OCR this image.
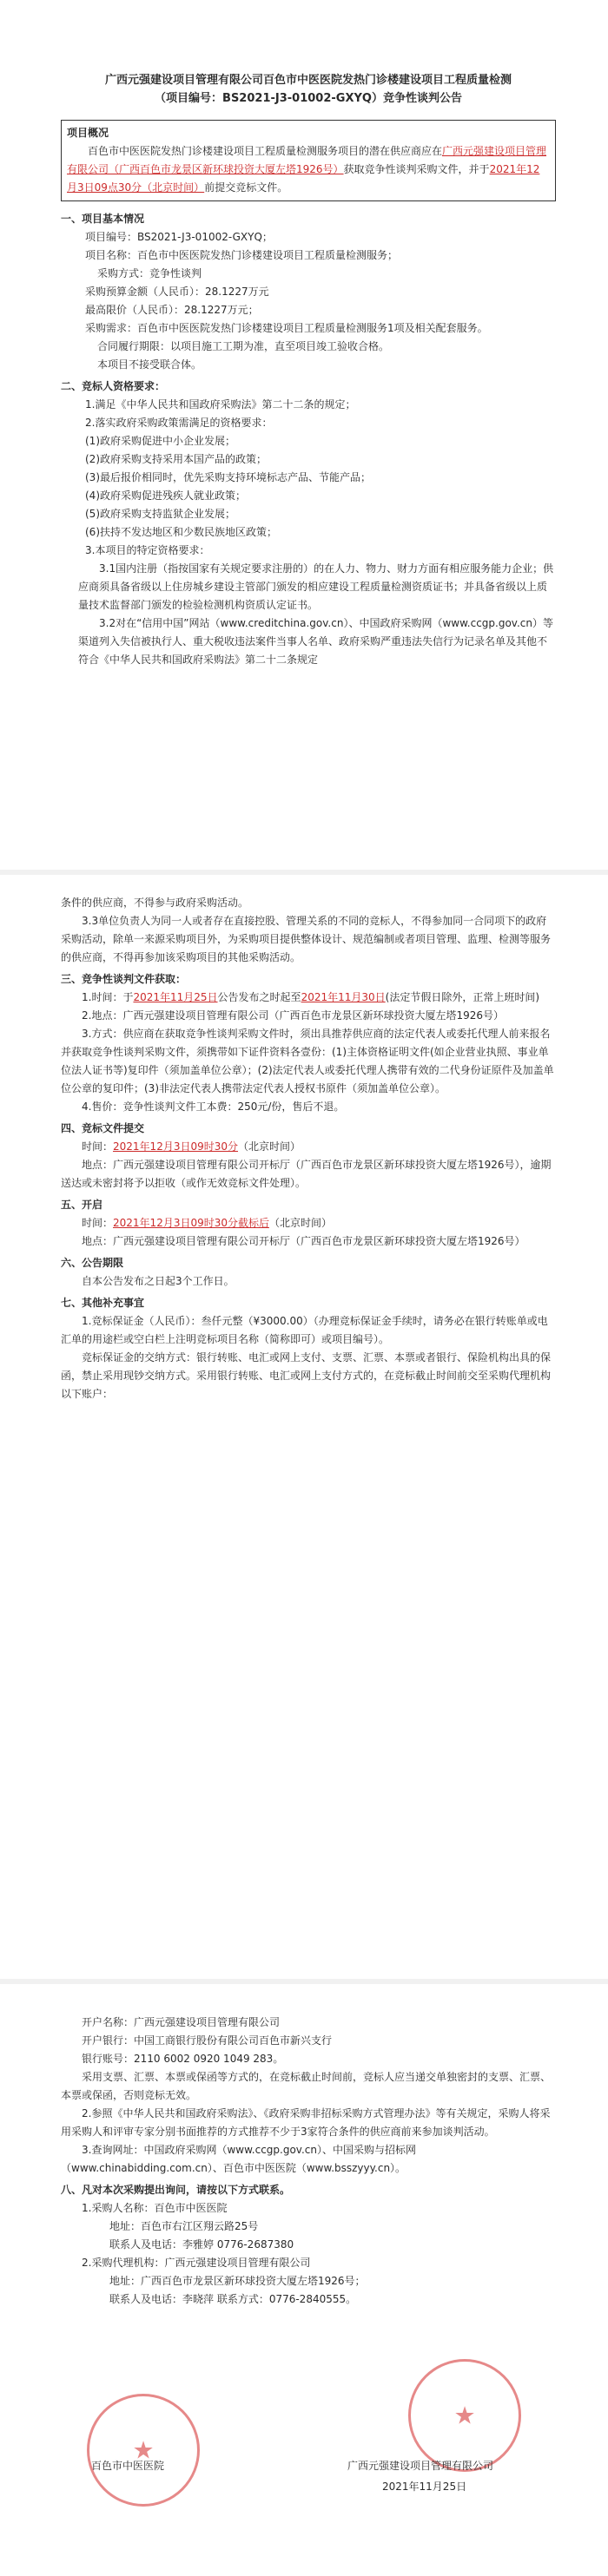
广西元强建设项目管理有限公司百色市中医医院发热门诊楼建设项目工程质量检测

（项目编号：BS2021-J3-01002-GXYQ）竞争性谈判公告

项目概况

百色市中医医院发热门诊楼建设项目工程质量检测服务项目的潜在供应商应在广西元强建设项目管理有限公司（广西百色市龙景区新环球投资大厦左塔1926号）获取竞争性谈判采购文件，并于2021年12月3日09点30分（北京时间）前提交竞标文件。

一、项目基本情况

项目编号：BS2021-J3-01002-GXYQ；

项目名称：百色市中医医院发热门诊楼建设项目工程质量检测服务；

采购方式：竞争性谈判

采购预算金额（人民币）：28.1227万元

最高限价（人民币）：28.1227万元；

采购需求：百色市中医医院发热门诊楼建设项目工程质量检测服务1项及相关配套服务。

合同履行期限：以项目施工工期为准，直至项目竣工验收合格。

本项目不接受联合体。

二、竞标人资格要求：

1.满足《中华人民共和国政府采购法》第二十二条的规定；

2.落实政府采购政策需满足的资格要求：

(1)政府采购促进中小企业发展；

(2)政府采购支持采用本国产品的政策；

(3)最后报价相同时，优先采购支持环境标志产品、节能产品；

(4)政府采购促进残疾人就业政策；

(5)政府采购支持监狱企业发展；

(6)扶持不发达地区和少数民族地区政策；

3.本项目的特定资格要求：

3.1国内注册（指按国家有关规定要求注册的）的在人力、物力、财力方面有相应服务能力企业；供应商须具备省级以上住房城乡建设主管部门颁发的相应建设工程质量检测资质证书；并具备省级以上质量技术监督部门颁发的检验检测机构资质认定证书。

3.2对在“信用中国”网站（www.creditchina.gov.cn）、中国政府采购网（www.ccgp.gov.cn）等渠道列入失信被执行人、重大税收违法案件当事人名单、政府采购严重违法失信行为记录名单及其他不符合《中华人民共和国政府采购法》第二十二条规定

条件的供应商，不得参与政府采购活动。

3.3单位负责人为同一人或者存在直接控股、管理关系的不同的竞标人，不得参加同一合同项下的政府采购活动，除单一来源采购项目外，为采购项目提供整体设计、规范编制或者项目管理、监理、检测等服务的供应商，不得再参加该采购项目的其他采购活动。

三、竞争性谈判文件获取：

1.时间：于2021年11月25日公告发布之时起至2021年11月30日(法定节假日除外，正常上班时间)

2.地点：广西元强建设项目管理有限公司（广西百色市龙景区新环球投资大厦左塔1926号）

3.方式：供应商在获取竞争性谈判采购文件时，须出具推荐供应商的法定代表人或委托代理人前来报名并获取竞争性谈判采购文件，须携带如下证件资料各壹份：(1)主体资格证明文件(如企业营业执照、事业单位法人证书等)复印件（须加盖单位公章）；(2)法定代表人或委托代理人携带有效的二代身份证原件及加盖单位公章的复印件；(3)非法定代表人携带法定代表人授权书原件（须加盖单位公章）。

4.售价：竞争性谈判文件工本费：250元/份，售后不退。

四、竞标文件提交

时间：2021年12月3日09时30分（北京时间）

地点：广西元强建设项目管理有限公司开标厅（广西百色市龙景区新环球投资大厦左塔1926号），逾期送达或未密封将予以拒收（或作无效竞标文件处理）。

五、开启

时间：2021年12月3日09时30分截标后（北京时间）

地点：广西元强建设项目管理有限公司开标厅（广西百色市龙景区新环球投资大厦左塔1926号）

六、公告期限

自本公告发布之日起3个工作日。

七、其他补充事宜

1.竞标保证金（人民币）：叁仟元整（¥3000.00）（办理竞标保证金手续时，请务必在银行转账单或电汇单的用途栏或空白栏上注明竞标项目名称（简称即可）或项目编号）。

竞标保证金的交纳方式：银行转账、电汇或网上支付、支票、汇票、本票或者银行、保险机构出具的保函，禁止采用现钞交纳方式。采用银行转账、电汇或网上支付方式的，在竞标截止时间前交至采购代理机构以下账户：

开户名称：广西元强建设项目管理有限公司

开户银行：中国工商银行股份有限公司百色市新兴支行

银行账号：2110 6002 0920 1049 283。

采用支票、汇票、本票或保函等方式的，在竞标截止时间前，竞标人应当递交单独密封的支票、汇票、本票或保函，否则竞标无效。

2.参照《中华人民共和国政府采购法》、《政府采购非招标采购方式管理办法》等有关规定，采购人将采用采购人和评审专家分别书面推荐的方式推荐不少于3家符合条件的供应商前来参加谈判活动。

3.查询网址：中国政府采购网（www.ccgp.gov.cn）、中国采购与招标网（www.chinabidding.com.cn）、百色市中医医院（www.bsszyyy.cn）。

八、凡对本次采购提出询问，请按以下方式联系。

1.采购人名称：百色市中医医院

地址：百色市右江区翔云路25号

联系人及电话：李雅婷 0776-2687380

2.采购代理机构：广西元强建设项目管理有限公司

地址：广西百色市龙景区新环球投资大厦左塔1926号；

联系人及电话：李晓萍 联系方式：0776-2840555。

★
★
百色市中医医院	广西元强建设项目管理有限公司
2021年11月25日
